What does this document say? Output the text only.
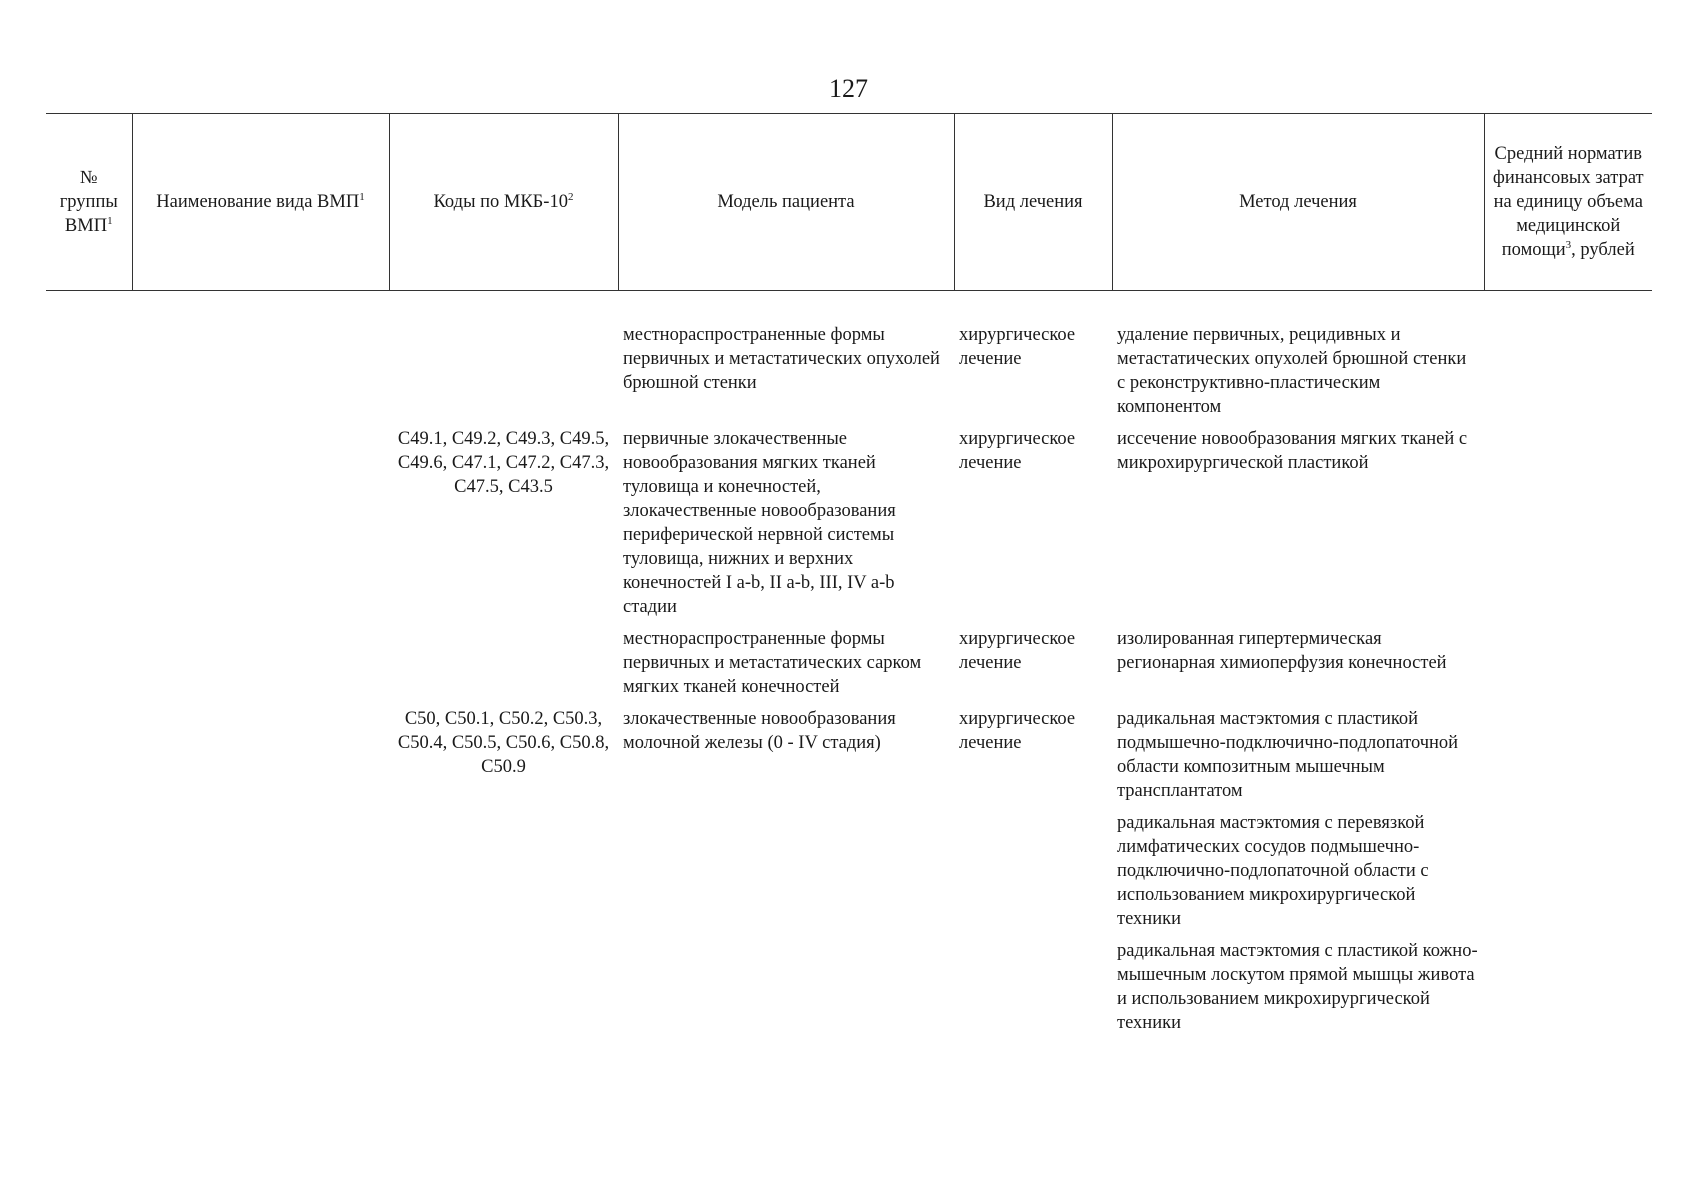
127
№ группы ВМП$^1$	Наименование вида ВМП$^1$	Коды по МКБ-$10^2$	Модель пациента	Вид лечения	Метод лечения	Средний норматив финансовых затрат на единицу объема медицинской помощи$^3$, рублей

			местнораспространенные формы первичных и метастатических опухолей брюшной стенки	хирургическое лечение	удаление первичных, рецидивных и метастатических опухолей брюшной стенки с реконструктивно-пластическим компонентом	

		C49.1, C49.2, C49.3, C49.5, C49.6, C47.1, C47.2, C47.3, C47.5, C43.5	первичные злокачественные новообразования мягких тканей туловища и конечностей, злокачественные новообразования периферической нервной системы туловища, нижних и верхних конечностей I a-b, II a-b, III, IV a-b стадии	хирургическое лечение	иссечение новообразования мягких тканей с микрохирургической пластикой	

			местнораспространенные формы первичных и метастатических сарком мягких тканей конечностей	хирургическое лечение	изолированная гипертермическая регионарная химиоперфузия конечностей	

		C50, C50.1, C50.2, C50.3, C50.4, C50.5, C50.6, C50.8, C50.9	злокачественные новообразования молочной железы (0 - IV стадия)	хирургическое лечение	радикальная мастэктомия с пластикой подмышечно-подключично-подлопаточной области композитным мышечным трансплантатом
радикальная мастэктомия с перевязкой лимфатических сосудов подмышечно-подключично-подлопаточной области с использованием микрохирургической техники
радикальная мастэктомия с пластикой кожно-мышечным лоскутом прямой мышцы живота и использованием микрохирургической техники	
